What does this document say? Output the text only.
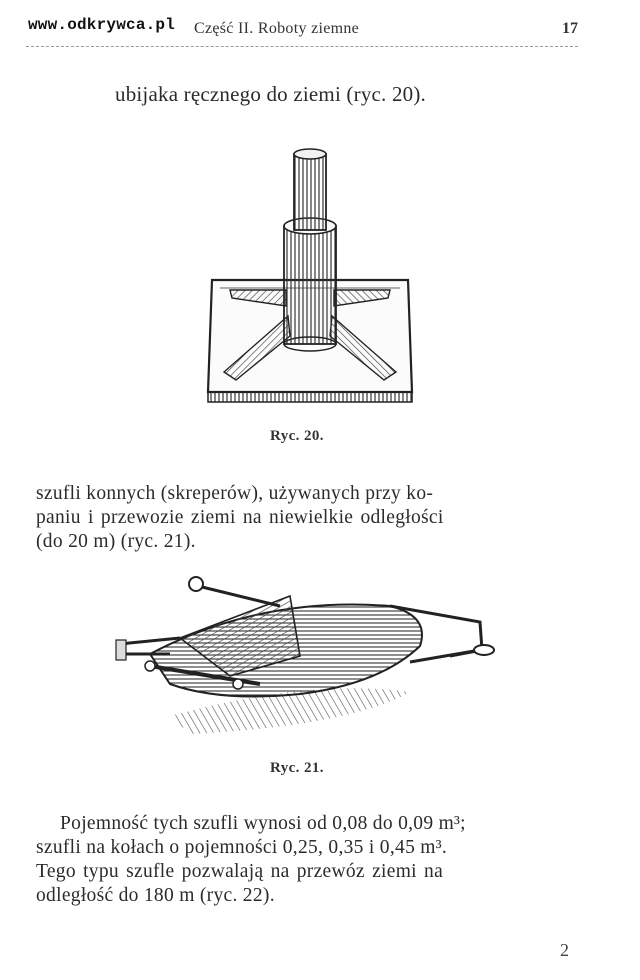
www.odkrywca.pl Część II. Roboty ziemne	17
ubijaka ręcznego do ziemi (ryc. 20).
Ryc. 20.
szufli konnych (skreperów), używanych przy ko-
paniu i przewozie ziemi na niewielkie odległości
(do 20 m) (ryc. 21).
Ryc. 21.
Pojemność tych szufli wynosi od 0,08 do 0,09 m³;
szufli na kołach o pojemności 0,25, 0,35 i 0,45 m³.
Tego typu szufle pozwalają na przewóz ziemi na
odległość do 180 m (ryc. 22).
2
